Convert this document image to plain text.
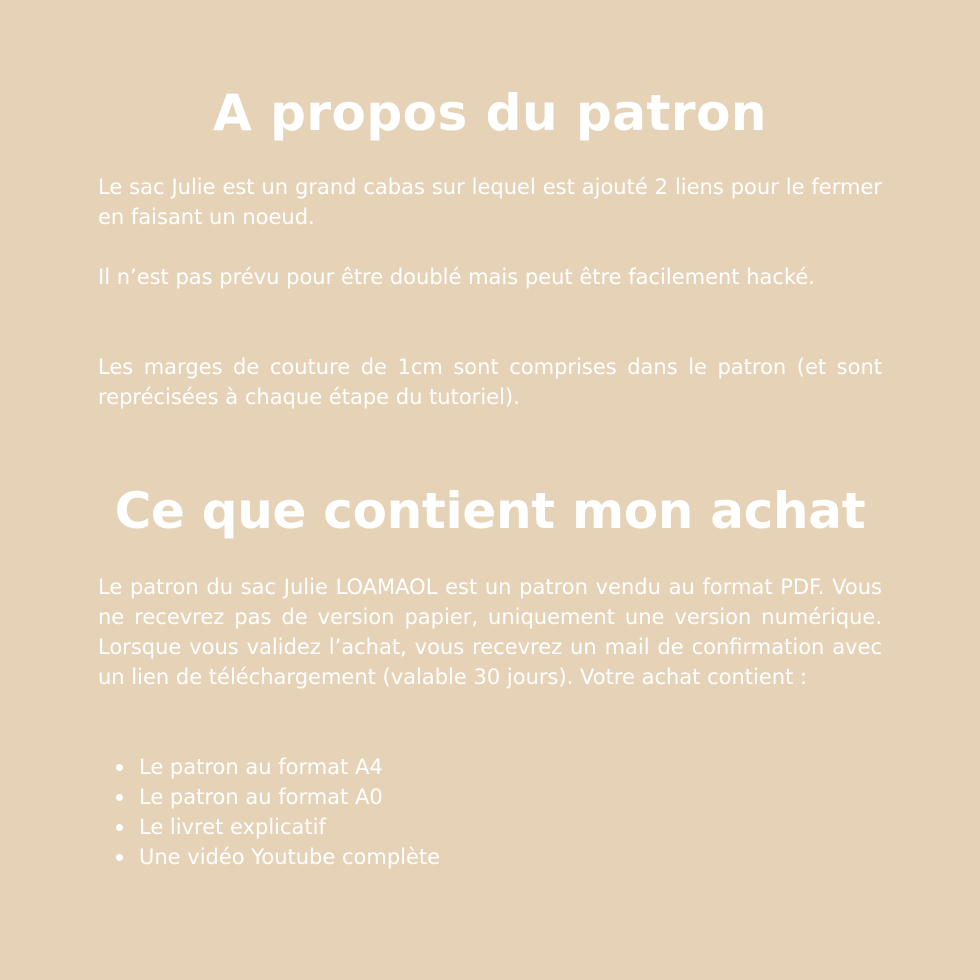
A propos du patron

Le sac Julie est un grand cabas sur lequel est ajouté 2 liens pour le fermer en faisant un noeud.

Il n’est pas prévu pour être doublé mais peut être facilement hacké.

Les marges de couture de 1cm sont comprises dans le patron (et sont reprécisées à chaque étape du tutoriel).

Ce que contient mon achat

Le patron du sac Julie LOAMAOL est un patron vendu au format PDF. Vous ne recevrez pas de version papier, uniquement une version numérique. Lorsque vous validez l’achat, vous recevrez un mail de confirmation avec un lien de téléchargement (valable 30 jours). Votre achat contient :

Le patron au format A4
Le patron au format A0
Le livret explicatif
Une vidéo Youtube complète
